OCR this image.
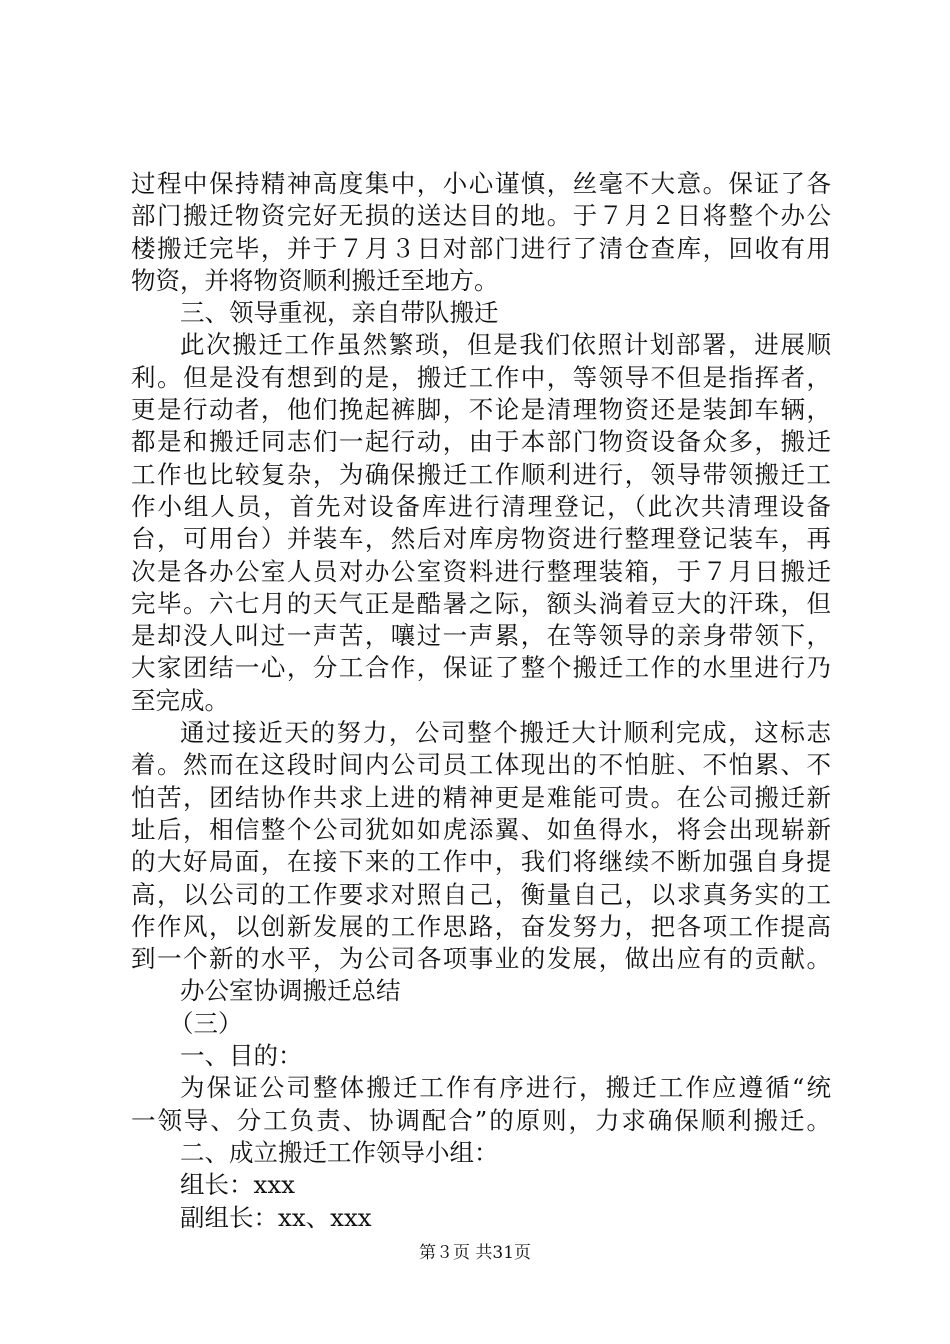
过程中保持精神高度集中，小心谨慎，丝毫不大意。保证了各
部门搬迁物资完好无损的送达目的地。于７月２日将整个办公
楼搬迁完毕，并于７月３日对部门进行了清仓查库，回收有用
物资，并将物资顺利搬迁至地方。
三、领导重视，亲自带队搬迁
此次搬迁工作虽然繁琐，但是我们依照计划部署，进展顺
利。但是没有想到的是，搬迁工作中，等领导不但是指挥者，
更是行动者，他们挽起裤脚，不论是清理物资还是装卸车辆，
都是和搬迁同志们一起行动，由于本部门物资设备众多，搬迁
工作也比较复杂，为确保搬迁工作顺利进行，领导带领搬迁工
作小组人员，首先对设备库进行清理登记，（此次共清理设备
台，可用台）并装车，然后对库房物资进行整理登记装车，再
次是各办公室人员对办公室资料进行整理装箱，于７月日搬迁
完毕。六七月的天气正是酷暑之际，额头淌着豆大的汗珠，但
是却没人叫过一声苦，嚷过一声累，在等领导的亲身带领下，
大家团结一心，分工合作，保证了整个搬迁工作的水里进行乃
至完成。
通过接近天的努力，公司整个搬迁大计顺利完成，这标志
着。然而在这段时间内公司员工体现出的不怕脏、不怕累、不
怕苦，团结协作共求上进的精神更是难能可贵。在公司搬迁新
址后，相信整个公司犹如如虎添翼、如鱼得水，将会出现崭新
的大好局面，在接下来的工作中，我们将继续不断加强自身提
高，以公司的工作要求对照自己，衡量自己，以求真务实的工
作作风，以创新发展的工作思路，奋发努力，把各项工作提高
到一个新的水平，为公司各项事业的发展，做出应有的贡献。
办公室协调搬迁总结
（三）
一、目的：
为保证公司整体搬迁工作有序进行，搬迁工作应遵循“统
一领导、分工负责、协调配合”的原则，力求确保顺利搬迁。
二、成立搬迁工作领导小组：
组长：xxx
副组长：xx、xxx
第３页 共31页
